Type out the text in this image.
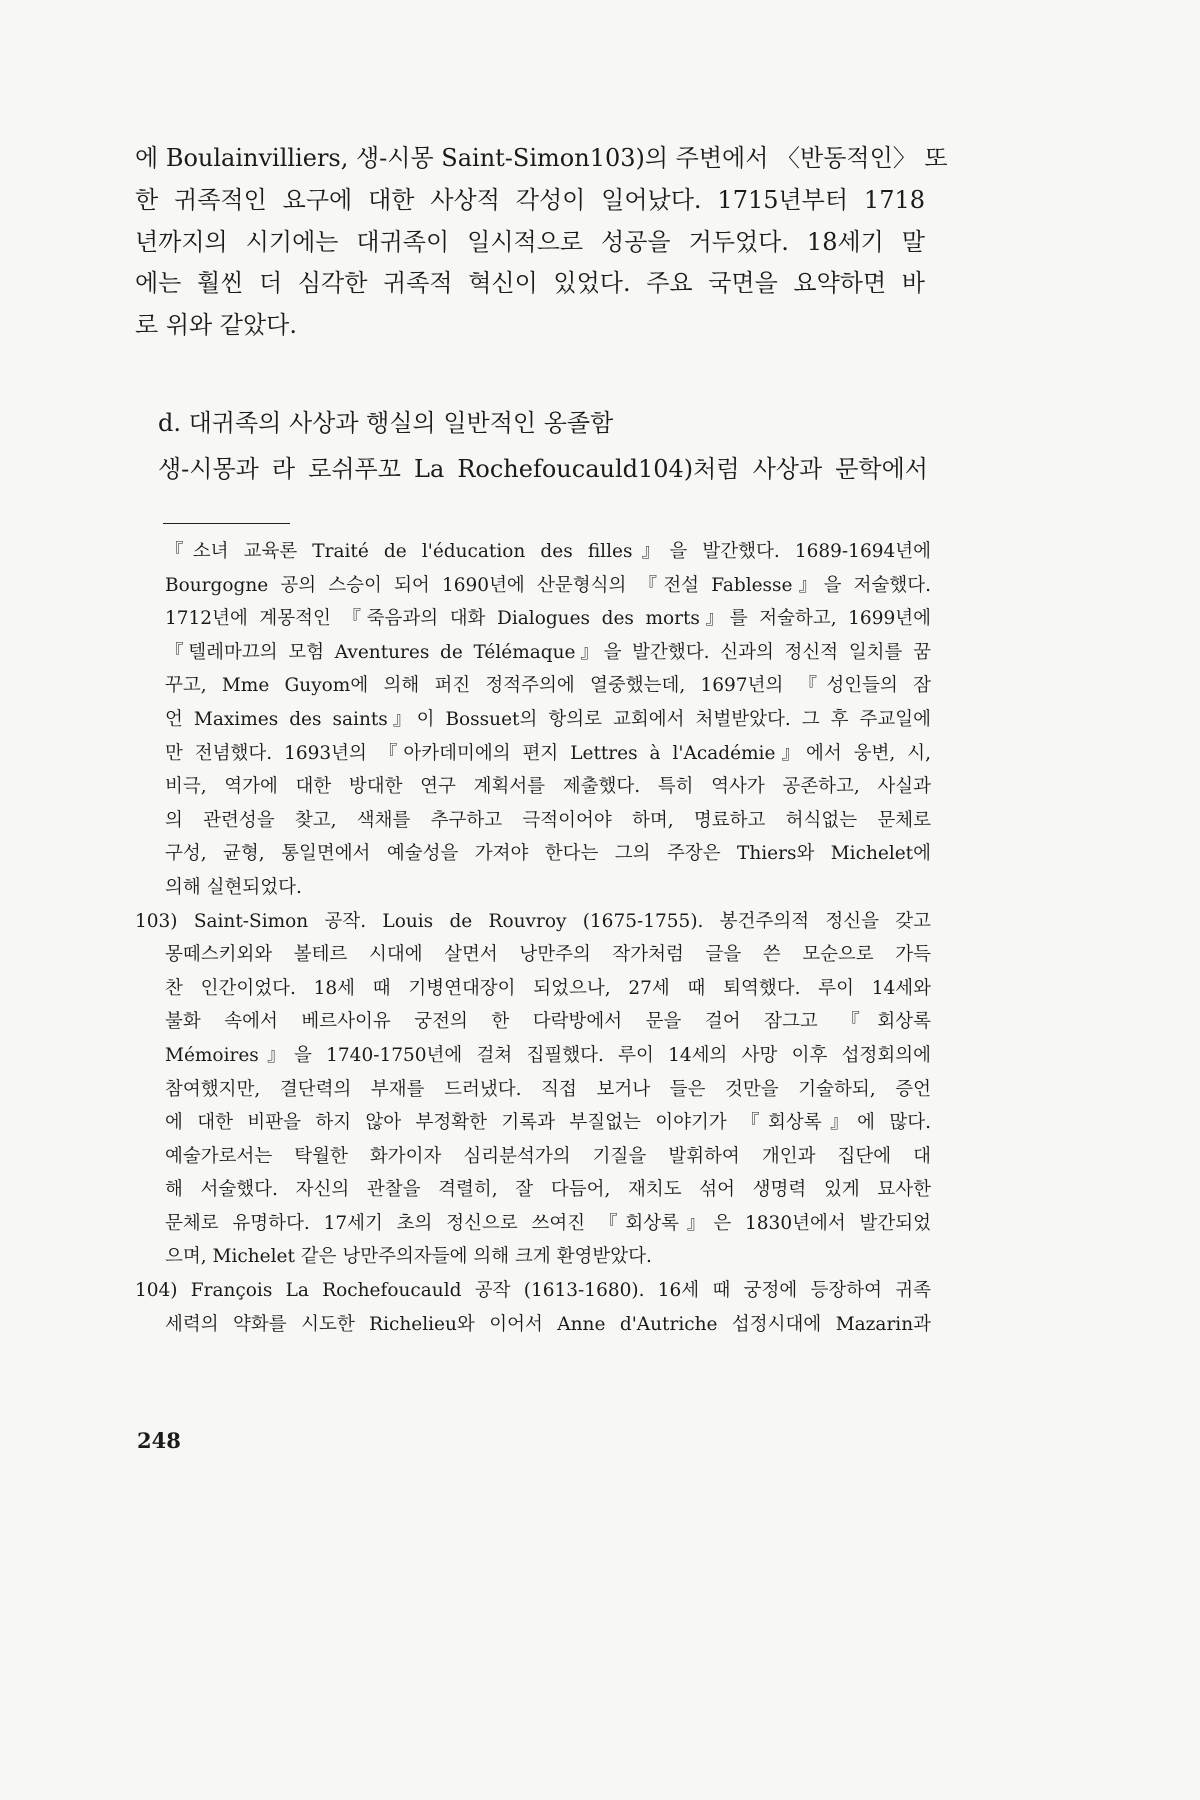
에 Boulainvilliers, 생-시몽 Saint-Simon103)의 주변에서 〈반동적인〉 또
한 귀족적인 요구에 대한 사상적 각성이 일어났다. 1715년부터 1718
년까지의 시기에는 대귀족이 일시적으로 성공을 거두었다. 18세기 말
에는 훨씬 더 심각한 귀족적 혁신이 있었다. 주요 국면을 요약하면 바
로 위와 같았다.
d. 대귀족의 사상과 행실의 일반적인 옹졸함
생-시몽과 라 로쉬푸꼬 La Rochefoucauld104)처럼 사상과 문학에서
『소녀 교육론 Traité de l'éducation des filles』을 발간했다. 1689-1694년에
Bourgogne 공의 스승이 되어 1690년에 산문형식의 『전설 Fablesse』을 저술했다.
1712년에 계몽적인 『죽음과의 대화 Dialogues des morts』를 저술하고, 1699년에
『텔레마끄의 모험 Aventures de Télémaque』을 발간했다. 신과의 정신적 일치를 꿈
꾸고, Mme Guyom에 의해 퍼진 정적주의에 열중했는데, 1697년의 『성인들의 잠
언 Maximes des saints』이 Bossuet의 항의로 교회에서 처벌받았다. 그 후 주교일에
만 전념했다. 1693년의 『아카데미에의 편지 Lettres à l'Académie』에서 웅변, 시,
비극, 역가에 대한 방대한 연구 계획서를 제출했다. 특히 역사가 공존하고, 사실과
의 관련성을 찾고, 색채를 추구하고 극적이어야 하며, 명료하고 허식없는 문체로
구성, 균형, 통일면에서 예술성을 가져야 한다는 그의 주장은 Thiers와 Michelet에
의해 실현되었다.
103) Saint-Simon 공작. Louis de Rouvroy (1675-1755). 봉건주의적 정신을 갖고
몽떼스키외와 볼테르 시대에 살면서 낭만주의 작가처럼 글을 쓴 모순으로 가득
찬 인간이었다. 18세 때 기병연대장이 되었으나, 27세 때 퇴역했다. 루이 14세와
불화 속에서 베르사이유 궁전의 한 다락방에서 문을 걸어 잠그고 『회상록
Mémoires』을 1740-1750년에 걸쳐 집필했다. 루이 14세의 사망 이후 섭정회의에
참여했지만, 결단력의 부재를 드러냈다. 직접 보거나 들은 것만을 기술하되, 증언
에 대한 비판을 하지 않아 부정확한 기록과 부질없는 이야기가 『회상록』에 많다.
예술가로서는 탁월한 화가이자 심리분석가의 기질을 발휘하여 개인과 집단에 대
해 서술했다. 자신의 관찰을 격렬히, 잘 다듬어, 재치도 섞어 생명력 있게 묘사한
문체로 유명하다. 17세기 초의 정신으로 쓰여진 『회상록』은 1830년에서 발간되었
으며, Michelet 같은 낭만주의자들에 의해 크게 환영받았다.
104) François La Rochefoucauld 공작 (1613-1680). 16세 때 궁정에 등장하여 귀족
세력의 약화를 시도한 Richelieu와 이어서 Anne d'Autriche 섭정시대에 Mazarin과
248
